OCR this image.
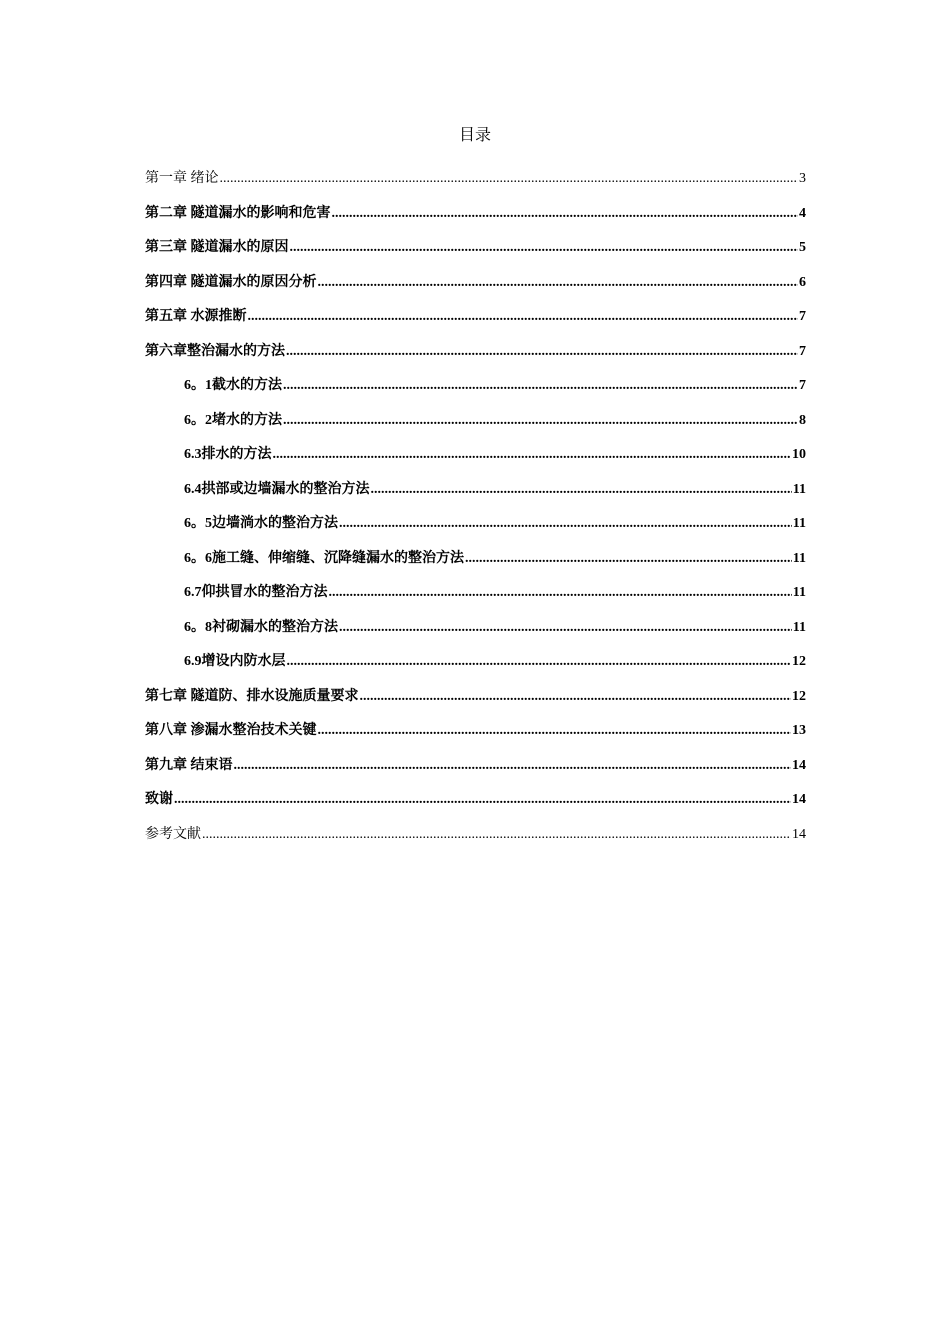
目录
第一章 绪论 .....	3
第二章 隧道漏水的影响和危害 .....	4
第三章 隧道漏水的原因 .....	5
第四章 隧道漏水的原因分析 .....	6
第五章 水源推断 .....	7
第六章整治漏水的方法 .....	7
6。1截水的方法 .....	7
6。2堵水的方法 .....	8
6.3排水的方法 .....	10
6.4拱部或边墙漏水的整治方法 .....	11
6。5边墙淌水的整治方法 .....	11
6。6施工缝、伸缩缝、沉降缝漏水的整治方法 .....	11
6.7仰拱冒水的整治方法 .....	11
6。8衬砌漏水的整治方法 .....	11
6.9增设内防水层 .....	12
第七章 隧道防、排水设施质量要求 .....	12
第八章 渗漏水整治技术关键 .....	13
第九章 结束语 .....	14
致谢 .....	14
参考文献 .....	14
